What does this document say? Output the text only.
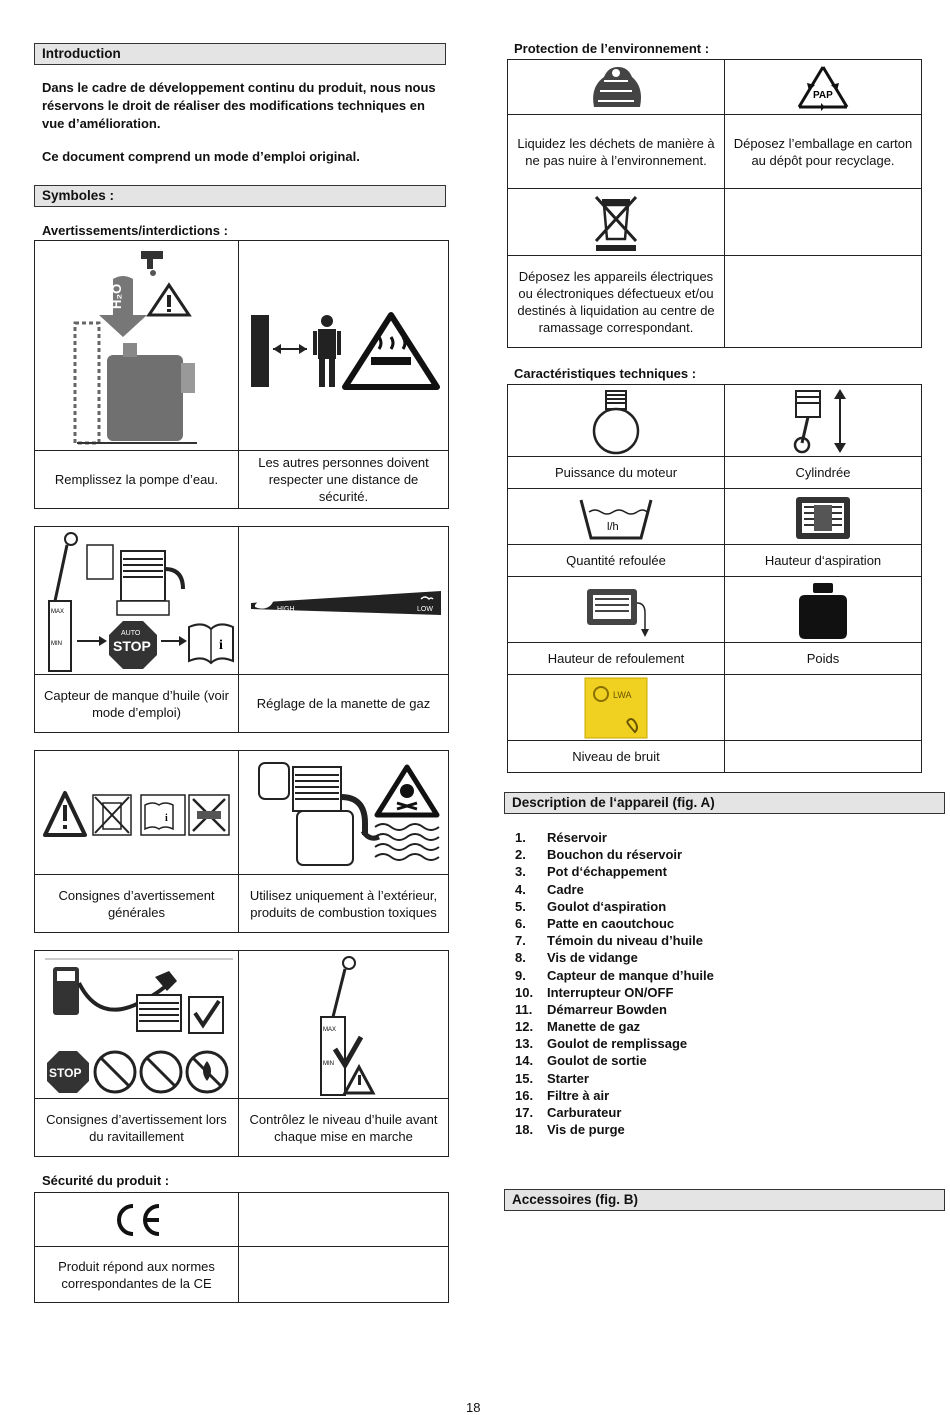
Introduction

Dans le cadre de développement continu du produit, nous nous réservons le droit de réaliser des modifications techniques en vue d’amélioration.

Ce document comprend un mode d’emploi original.

Symboles :
Avertissements/interdictions :
H₂O

Remplissez la pompe d’eau.	Les autres personnes doivent respecter une distance de sécurité.
MAX
MIN
AUTO
STOP i	HIGH LOW

Capteur de manque d’huile (voir mode d’emploi)	Réglage de la manette de gaz
i

Consignes d’avertissement générales	Utilisez uniquement à l’extérieur, produits de combustion toxiques
STOP	MAX
MIN

Consignes d’avertissement lors du ravitaillement	Contrôlez le niveau d’huile avant chaque mise en marche
Sécurité du produit :

Produit répond aux normes correspondantes de la CE	
Protection de l’environnement :

PAP

Liquidez les déchets de manière à ne pas nuire à l’environnement.	Déposez l’emballage en carton au dépôt pour recyclage.

Déposez les appareils électriques ou électroniques défectueux et/ou destinés à liquidation au centre de ramassage correspondant.	
Caractéristiques techniques :

Puissance du moteur	Cylindrée

l/h

Quantité refoulée	Hauteur d‘aspiration

Hauteur de refoulement	Poids

LWA	

Niveau de bruit	
Description de l‘appareil (fig. A)
1. Réservoir
2. Bouchon du réservoir
3. Pot d‘échappement
4. Cadre
5. Goulot d‘aspiration
6. Patte en caoutchouc
7. Témoin du niveau d’huile
8. Vis de vidange
9. Capteur de manque d’huile
10. Interrupteur ON/OFF
11. Démarreur Bowden
12. Manette de gaz
13. Goulot de remplissage
14. Goulot de sortie
15. Starter
16. Filtre à air
17. Carburateur
18. Vis de purge
Accessoires (fig. B)
18
